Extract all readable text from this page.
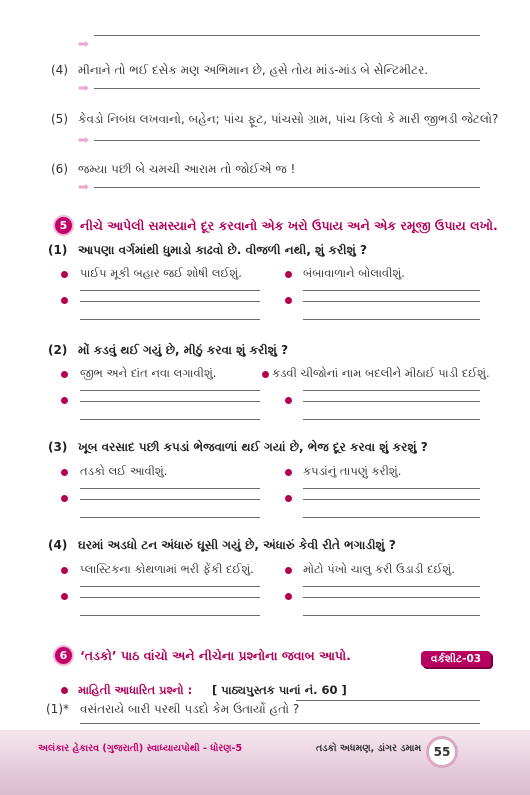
➡
(4) મીનાને તો ભઈ દસેક મણ અભિમાન છે, હસે તોય માંડ-માંડ બે સેન્ટિમીટર.
➡
(5) કેવડો નિબંધ લખવાનો, બહેન; પાંચ ફૂટ, પાંચસો ગ્રામ, પાંચ કિલો કે મારી જીભડી જેટલો?
➡
(6) જમ્યા પછી બે ચમચી આરામ તો જોઈએ જ !
➡
5	નીચે આપેલી સમસ્યાને દૂર કરવાનો એક ખરો ઉપાય અને એક રમૂજી ઉપાય લખો.
(1) આપણા વર્ગમાંથી ધુમાડો કાઢવો છે. વીજળી નથી, શું કરીશું ?
પાઈપ મૂકી બહાર જઈ શોષી લઈશું.	બંબાવાળાને બોલાવીશું.
(2) મોં કડવું થઈ ગયું છે, મીઠું કરવા શું કરીશું ?
જીભ અને દાંત નવા લગાવીશું.	કડવી ચીજોનાં નામ બદલીને મીઠાઈ પાડી દઈશું.
(3) ખૂબ વરસાદ પછી કપડાં ભેજવાળાં થઈ ગયાં છે, ભેજ દૂર કરવા શું કરશું ?
તડકો લઈ આવીશું.	કપડાંનું તાપણું કરીશું.
(4) ઘરમાં અડધો ટન અંધારું ઘૂસી ગયું છે, અંધારું કેવી રીતે ભગાડીશું ?
પ્લાસ્ટિકના કોથળામાં ભરી ફેંકી દઈશું.	મોટો પંખો ચાલુ કરી ઉડાડી દઈશું.
6	‘તડકો’ પાઠ વાંચો અને નીચેના પ્રશ્નોના જવાબ આપો.	વર્કશીટ-03
માહિતી આધારિત પ્રશ્નો : [ પાઠ્યપુસ્તક પાનાં નં. 60 ]
(1)* વસંતરાયે બારી પરથી પડદો કેમ ઉતાર્યો હતો ?
અલંકાર હેકારવ (ગુજરાતી) સ્વાધ્યાયપોથી - ધોરણ-5	તડકો અધમણ, ડાંગર ડમામ	55
